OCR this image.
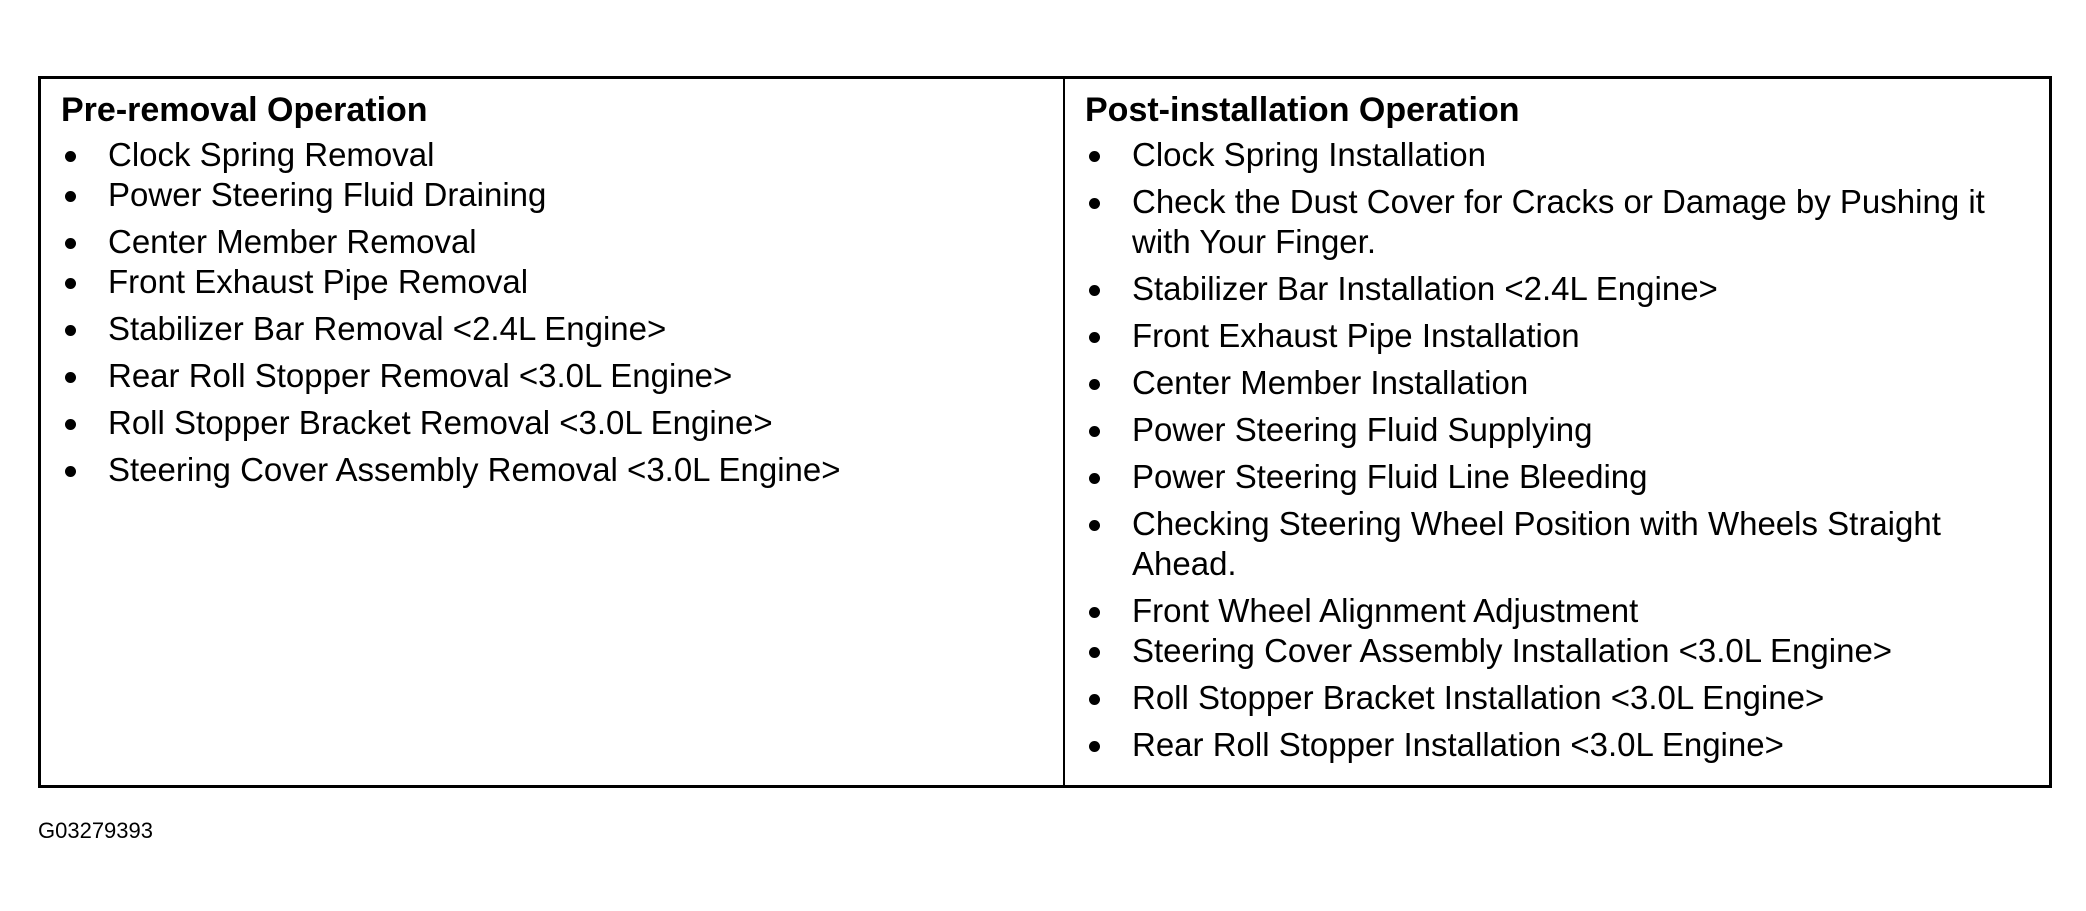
Pre-removal Operation
Clock Spring Removal
Power Steering Fluid Draining
Center Member Removal
Front Exhaust Pipe Removal
Stabilizer Bar Removal <2.4L Engine>
Rear Roll Stopper Removal <3.0L Engine>
Roll Stopper Bracket Removal <3.0L Engine>
Steering Cover Assembly Removal <3.0L Engine>
Post-installation Operation
Clock Spring Installation
Check the Dust Cover for Cracks or Damage by Pushing it with Your Finger.
Stabilizer Bar Installation <2.4L Engine>
Front Exhaust Pipe Installation
Center Member Installation
Power Steering Fluid Supplying
Power Steering Fluid Line Bleeding
Checking Steering Wheel Position with Wheels Straight Ahead.
Front Wheel Alignment Adjustment
Steering Cover Assembly Installation <3.0L Engine>
Roll Stopper Bracket Installation <3.0L Engine>
Rear Roll Stopper Installation <3.0L Engine>
G03279393
